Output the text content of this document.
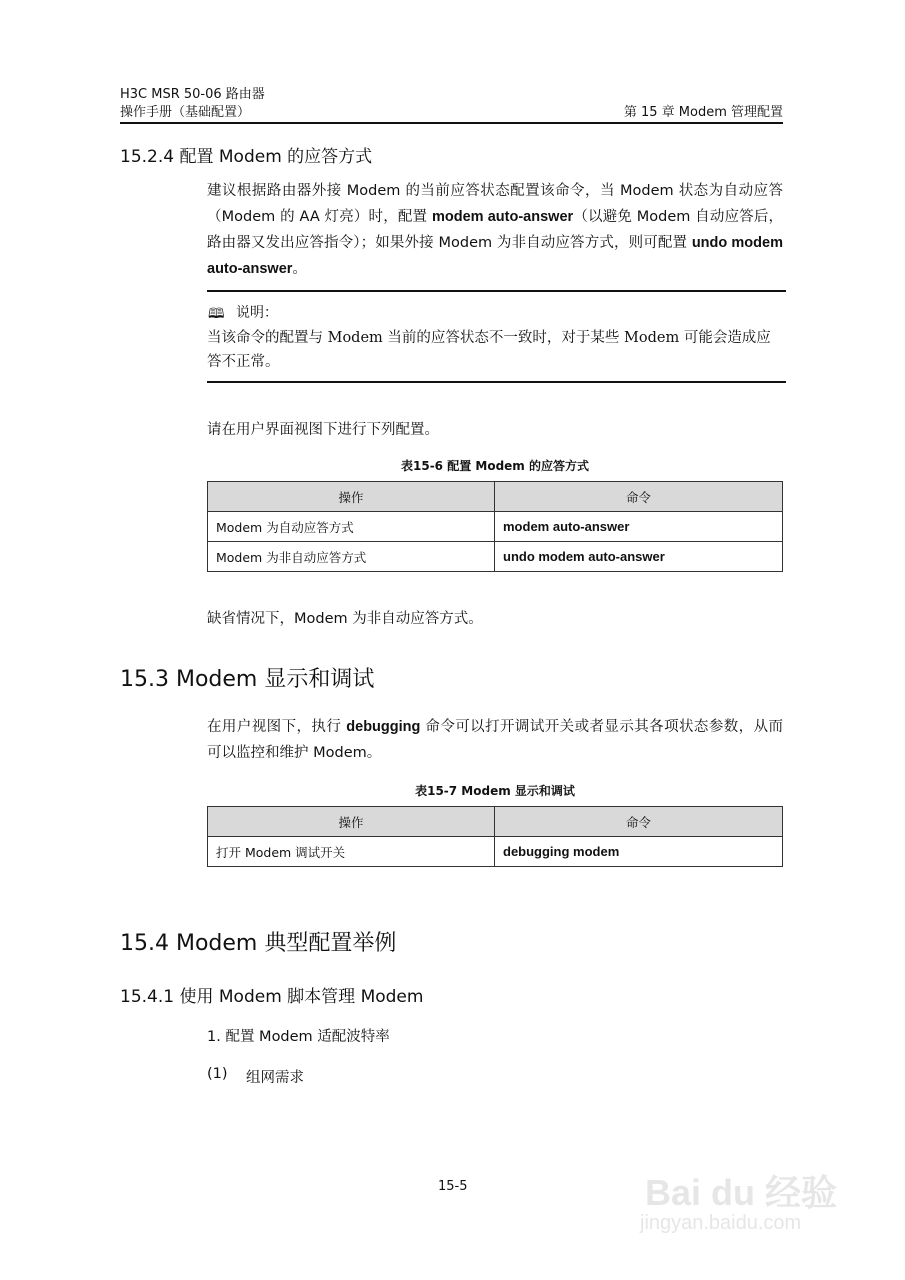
H3C MSR 50-06 路由器
操作手册（基础配置）	第 15 章 Modem 管理配置
15.2.4 配置 Modem 的应答方式
建议根据路由器外接 Modem 的当前应答状态配置该命令，当 Modem 状态为自动应答（Modem 的 AA 灯亮）时，配置 modem auto-answer（以避免 Modem 自动应答后，路由器又发出应答指令）；如果外接 Modem 为非自动应答方式，则可配置 undo modem auto-answer。
🕮 说明：
当该命令的配置与 Modem 当前的应答状态不一致时，对于某些 Modem 可能会造成应答不正常。
请在用户界面视图下进行下列配置。
表15-6 配置 Modem 的应答方式
操作	命令
Modem 为自动应答方式	modem auto-answer
Modem 为非自动应答方式	undo modem auto-answer
缺省情况下，Modem 为非自动应答方式。
15.3 Modem 显示和调试
在用户视图下，执行 debugging 命令可以打开调试开关或者显示其各项状态参数，从而可以监控和维护 Modem。
表15-7 Modem 显示和调试
操作	命令
打开 Modem 调试开关	debugging modem
15.4 Modem 典型配置举例
15.4.1 使用 Modem 脚本管理 Modem
1. 配置 Modem 适配波特率
(1) 组网需求
15-5	Bai du 经验
jingyan.baidu.com
